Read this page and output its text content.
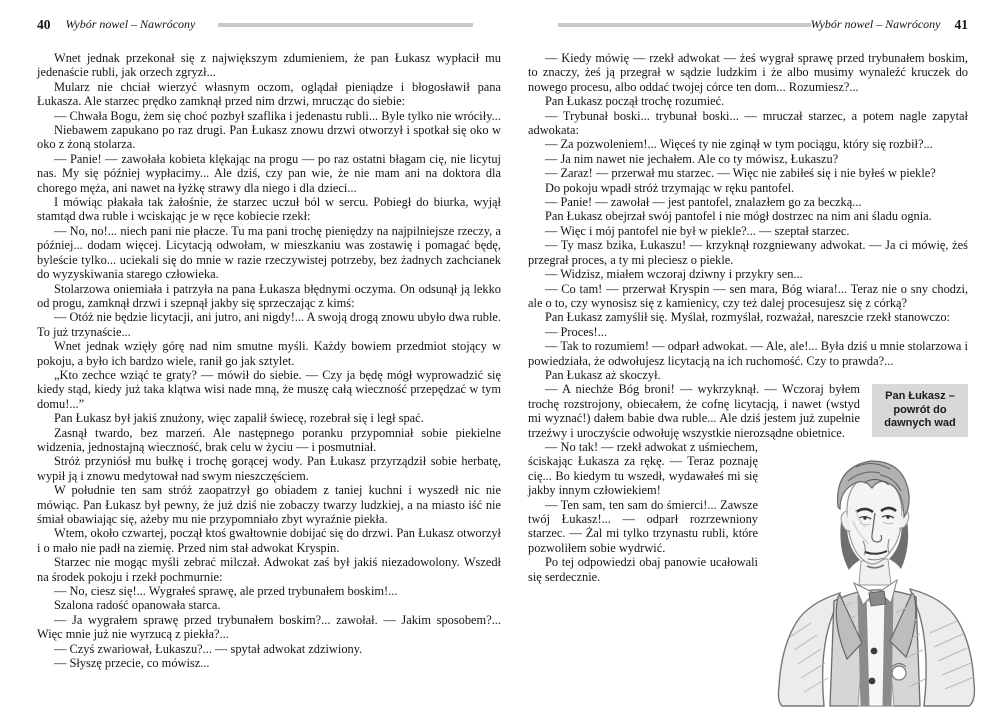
40 Wybór nowel – Nawrócony

Wnet jednak przekonał się z największym zdumieniem, że pan Łukasz wypłacił mu jedenaście rubli, jak orzech zgryzł...

Mularz nie chciał wierzyć własnym oczom, oglądał pieniądze i błogosławił pana Łukasza. Ale starzec prędko zamknął przed nim drzwi, mrucząc do siebie:

— Chwała Bogu, żem się choć pozbył szaflika i jedenastu rubli... Byle tylko nie wróciły...

Niebawem zapukano po raz drugi. Pan Łukasz znowu drzwi otworzył i spotkał się oko w oko z żoną stolarza.

— Panie! — zawołała kobieta klękając na progu — po raz ostatni błagam cię, nie licytuj nas. My się później wypłacimy... Ale dziś, czy pan wie, że nie mam ani na doktora dla chorego męża, ani nawet na łyżkę strawy dla niego i dla dzieci...

I mówiąc płakała tak żałośnie, że starzec uczuł ból w sercu. Pobiegł do biurka, wyjął stamtąd dwa ruble i wciskając je w ręce kobiecie rzekł:

— No, no!... niech pani nie płacze. Tu ma pani trochę pieniędzy na najpilniejsze rzeczy, a później... dodam więcej. Licytacją odwołam, w mieszkaniu was zostawię i pomagać będę, byleście tylko... uciekali się do mnie w razie rzeczywistej potrzeby, bez żadnych zachcianek do wyzyskiwania starego człowieka.

Stolarzowa oniemiała i patrzyła na pana Łukasza błędnymi oczyma. On odsunął ją lekko od progu, zamknął drzwi i szepnął jakby się sprzeczając z kimś:

— Otóż nie będzie licytacji, ani jutro, ani nigdy!... A swoją drogą znowu ubyło dwa ruble. To już trzynaście...

Wnet jednak wzięły górę nad nim smutne myśli. Każdy bowiem przedmiot stojący w pokoju, a było ich bardzo wiele, ranił go jak sztylet.

„Kto zechce wziąć te graty? — mówił do siebie. — Czy ja będę mógł wyprowadzić się kiedy stąd, kiedy już taka klątwa wisi nade mną, że muszę całą wieczność przepędzać w tym domu!...”

Pan Łukasz był jakiś znużony, więc zapalił świecę, rozebrał się i legł spać.

Zasnął twardo, bez marzeń. Ale następnego poranku przypomniał sobie piekielne widzenia, jednostajną wieczność, brak celu w życiu — i posmutniał.

Stróż przyniósł mu bułkę i trochę gorącej wody. Pan Łukasz przyrządził sobie herbatę, wypił ją i znowu medytował nad swym nieszczęściem.

W południe ten sam stróż zaopatrzył go obiadem z taniej kuchni i wyszedł nic nie mówiąc. Pan Łukasz był pewny, że już dziś nie zobaczy twarzy ludzkiej, a na miasto iść nie śmiał obawiając się, ażeby mu nie przypomniało zbyt wyraźnie piekła.

Wtem, około czwartej, począł ktoś gwałtownie dobijać się do drzwi. Pan Łukasz otworzył i o mało nie padł na ziemię. Przed nim stał adwokat Kryspin.

Starzec nie mogąc myśli zebrać milczał. Adwokat zaś był jakiś niezadowolony. Wszedł na środek pokoju i rzekł pochmurnie:

— No, ciesz się!... Wygrałeś sprawę, ale przed trybunałem boskim!...

Szalona radość opanowała starca.

— Ja wygrałem sprawę przed trybunałem boskim?... zawołał. — Jakim sposobem?... Więc mnie już nie wyrzucą z piekła?...

— Czyś zwariował, Łukaszu?... — spytał adwokat zdziwiony.

— Słyszę przecie, co mówisz...

Wybór nowel – Nawrócony 41

— Kiedy mówię — rzekł adwokat — żeś wygrał sprawę przed trybunałem boskim, to znaczy, żeś ją przegrał w sądzie ludzkim i że albo musimy wynaleźć kruczek do nowego procesu, albo oddać twojej córce ten dom... Rozumiesz?...

Pan Łukasz począł trochę rozumieć.

— Trybunał boski... trybunał boski... — mruczał starzec, a potem nagle zapytał adwokata:

— Za pozwoleniem!... Więceś ty nie zginął w tym pociągu, który się rozbił?...

— Ja nim nawet nie jechałem. Ale co ty mówisz, Łukaszu?

— Zaraz! — przerwał mu starzec. — Więc nie zabiłeś się i nie byłeś w piekle?

Do pokoju wpadł stróż trzymając w ręku pantofel.

— Panie! — zawołał — jest pantofel, znalazłem go za beczką...

Pan Łukasz obejrzał swój pantofel i nie mógł dostrzec na nim ani śladu ognia.

— Więc i mój pantofel nie był w piekle?... — szeptał starzec.

— Ty masz bzika, Łukaszu! — krzyknął rozgniewany adwokat. — Ja ci mówię, żeś przegrał proces, a ty mi pleciesz o piekle.

— Widzisz, miałem wczoraj dziwny i przykry sen...

— Co tam! — przerwał Kryspin — sen mara, Bóg wiara!... Teraz nie o sny chodzi, ale o to, czy wynosisz się z kamienicy, czy też dalej procesujesz się z córką?

Pan Łukasz zamyślił się. Myślał, rozmyślał, rozważał, nareszcie rzekł stanowczo:

— Proces!...

— Tak to rozumiem! — odparł adwokat. — Ale, ale!... Była dziś u mnie stolarzowa i powiedziała, że odwołujesz licytacją na ich ruchomość. Czy to prawda?...

Pan Łukasz aż skoczył.

Pan Łukasz – powrót do dawnych wad

— A niechże Bóg broni! — wykrzyknął. — Wczoraj byłem trochę rozstrojony, obiecałem, że cofnę licytacją, i nawet (wstyd mi wyznać!) dałem babie dwa ruble... Ale dziś jestem już zupełnie trzeźwy i uroczyście odwołuję wszystkie nierozsądne obietnice.

— No tak! — rzekł adwokat z uśmiechem, ściskając Łukasza za rękę. — Teraz poznaję cię... Bo kiedym tu wszedł, wydawałeś mi się jakby innym człowiekiem!

— Ten sam, ten sam do śmierci!... Zawsze twój Łukasz!... — odparł rozrzewniony starzec. — Żal mi tylko trzynastu rubli, które pozwoliłem sobie wydrwić.

Po tej odpowiedzi obaj panowie ucałowali się serdecznie.
